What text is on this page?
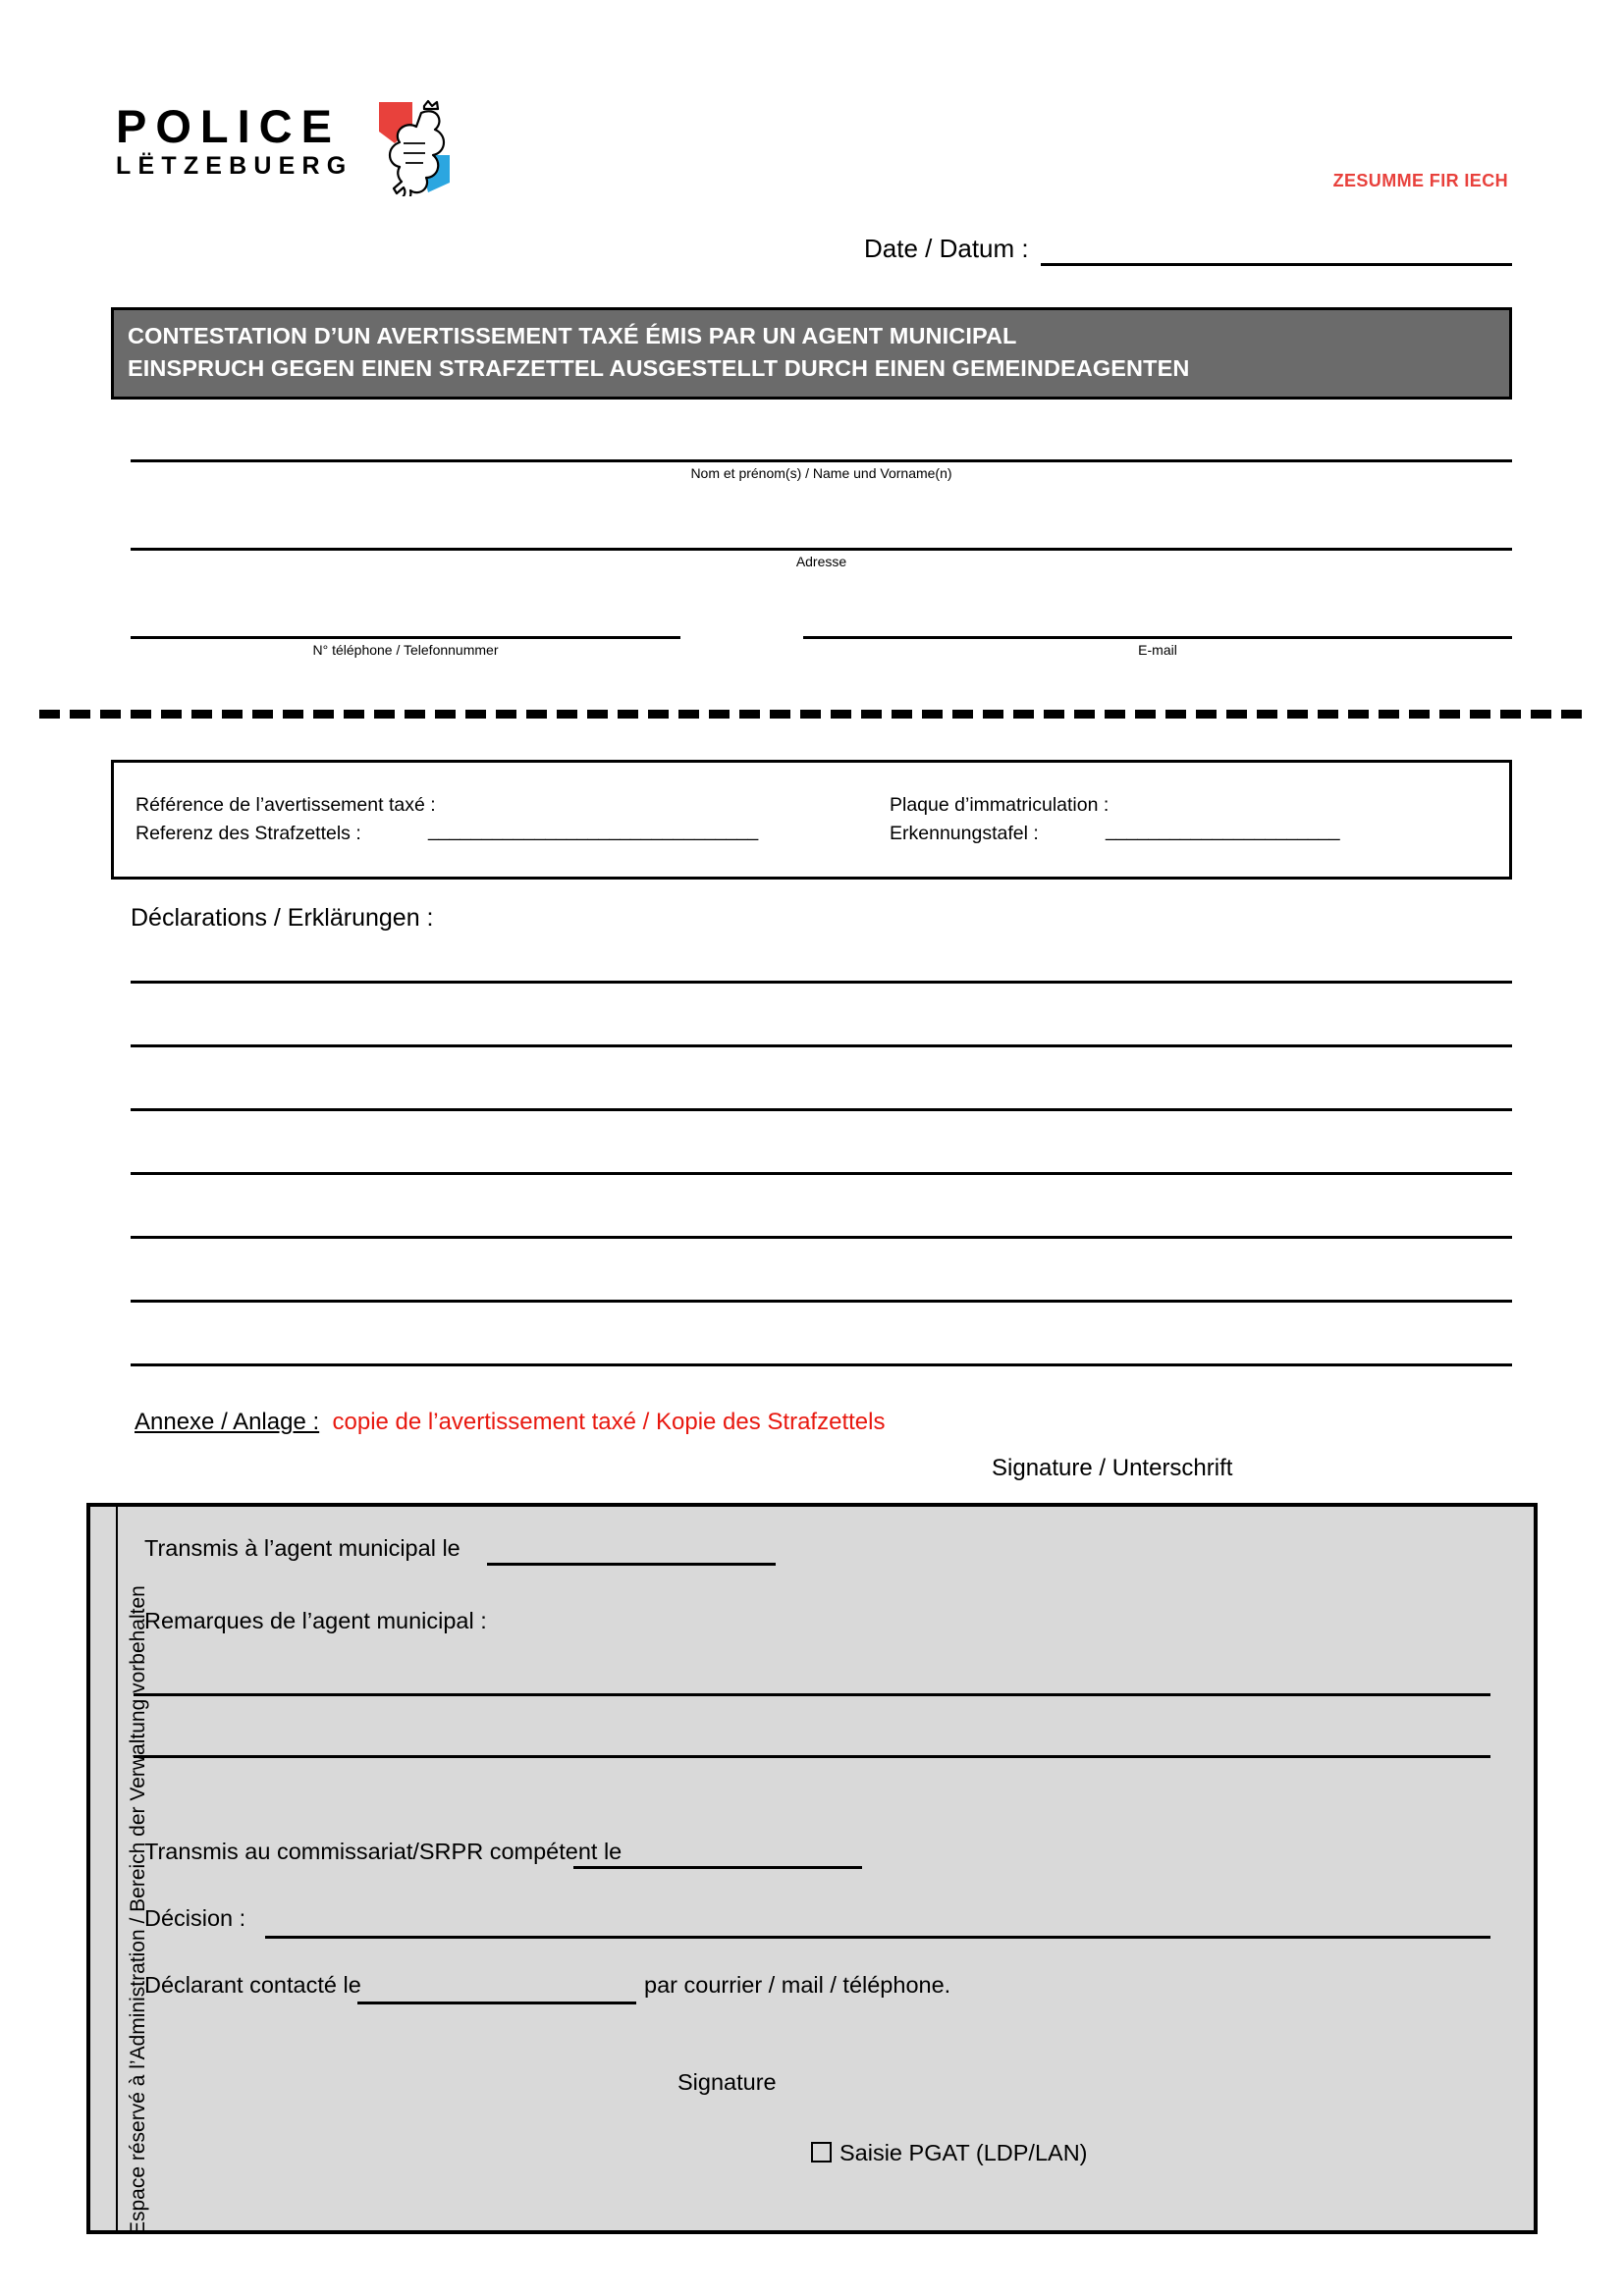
POLICE
LËTZEBUERG
ZESUMME FIR IECH
Date / Datum :
CONTESTATION D’UN AVERTISSEMENT TAXÉ ÉMIS PAR UN AGENT MUNICIPAL
EINSPRUCH GEGEN EINEN STRAFZETTEL AUSGESTELLT DURCH EINEN GEMEINDEAGENTEN
Nom et prénom(s) / Name und Vorname(n)
Adresse
N° téléphone / Telefonnummer	E-mail
Référence de l’avertissement taxé :
Referenz des Strafzettels :	_______________________________
Plaque d’immatriculation :
Erkennungstafel :	______________________
Déclarations / Erklärungen :
Annexe / Anlage : copie de l’avertissement taxé / Kopie des Strafzettels
Signature / Unterschrift
Espace réservé à l’Administration / Bereich der Verwaltung vorbehalten
Transmis à l’agent municipal le
Remarques de l’agent municipal :
Transmis au commissariat/SRPR compétent le
Décision :
Déclarant contacté le	par courrier / mail / téléphone.
Signature
Saisie PGAT (LDP/LAN)
